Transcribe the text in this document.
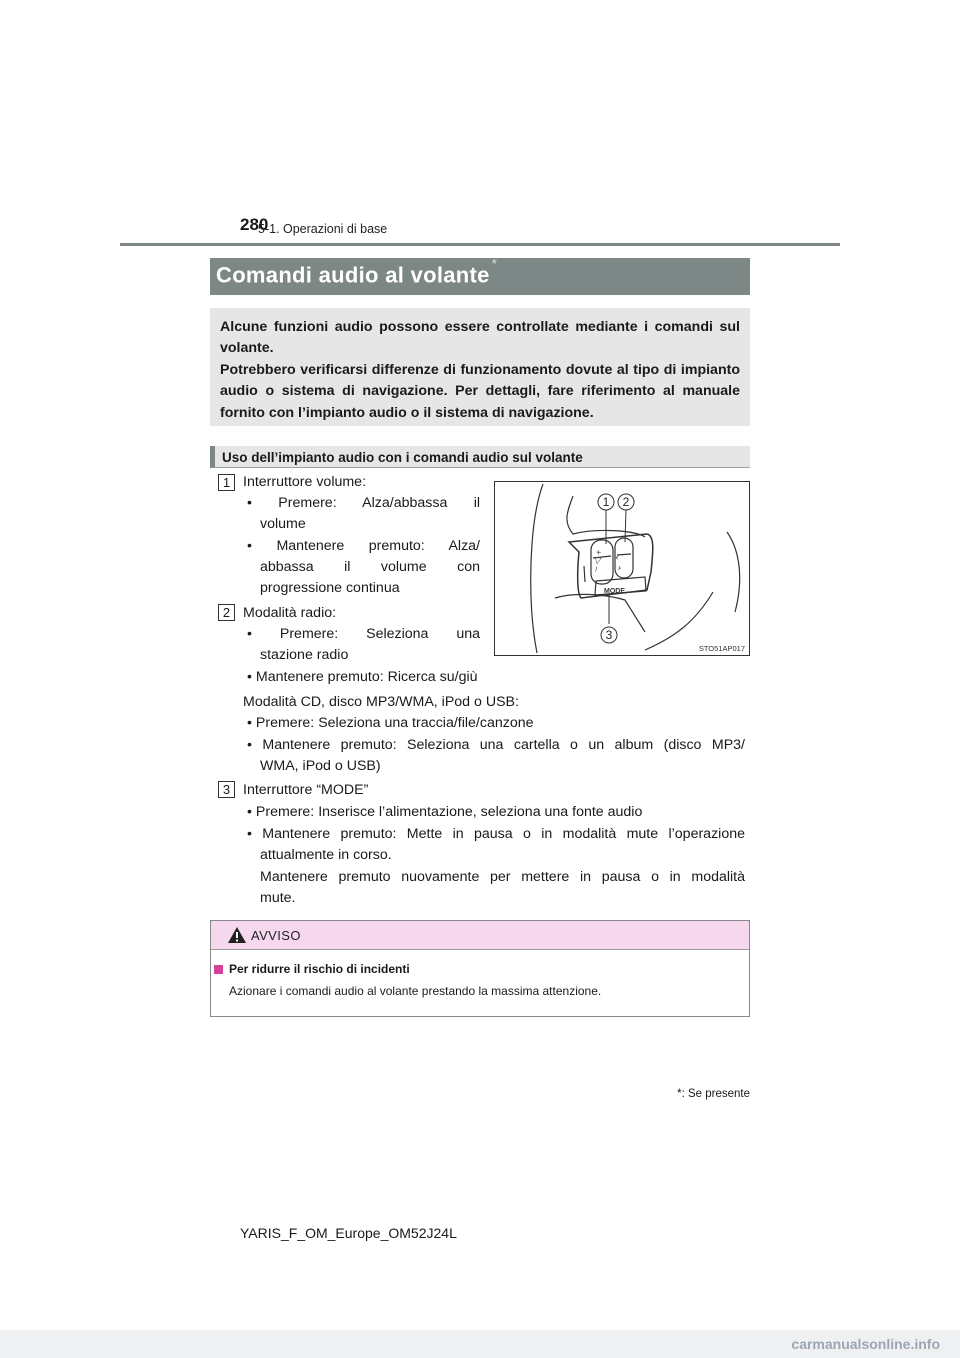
280
5-1. Operazioni di base
Comandi audio al volante *

Alcune funzioni audio possono essere controllate mediante i comandi sul volante.

Potrebbero verificarsi differenze di funzionamento dovute al tipo di impianto audio o sistema di navigazione. Per dettagli, fare riferimento al manuale fornito con l’impianto audio o il sistema di navigazione.

Uso dell’impianto audio con i comandi audio sul volante
1 Interruttore volume:
• Premere: Alza/abbassa il
volume
• Mantenere premuto: Alza/
abbassa il volume con
progressione continua
2 Modalità radio:
• Premere: Seleziona una
stazione radio
• Mantenere premuto: Ricerca su/giù
Modalità CD, disco MP3/WMA, iPod o USB:
• Premere: Seleziona una traccia/file/canzone
• Mantenere premuto: Seleziona una cartella o un album (disco MP3/
WMA, iPod o USB)
3 Interruttore “MODE”
• Premere: Inserisce l’alimentazione, seleziona una fonte audio
• Mantenere premuto: Mette in pausa o in modalità mute l’operazione
attualmente in corso.
Mantenere premuto nuovamente per mettere in pausa o in modalità
mute.
– ◁ + ⌄ ⌃
MODE
1 2
3
STO51AP017
AVVISO
Per ridurre il rischio di incidenti
Azionare i comandi audio al volante prestando la massima attenzione.
*: Se presente
YARIS_F_OM_Europe_OM52J24L
carmanualsonline.info
